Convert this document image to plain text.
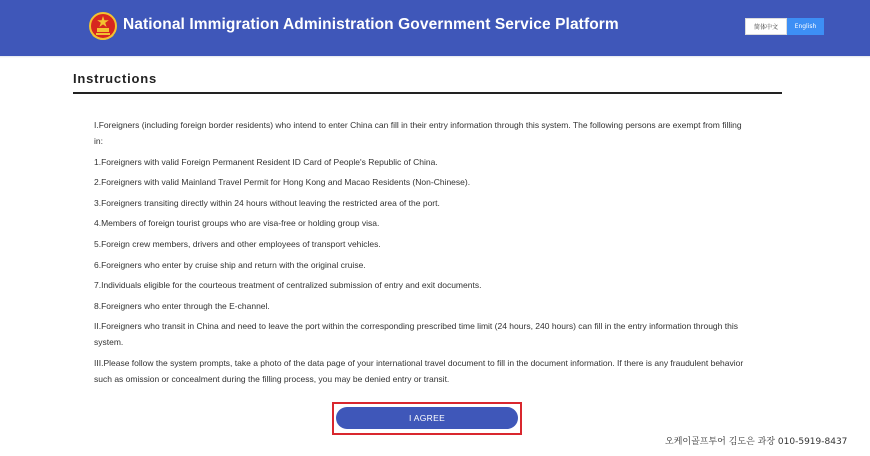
National Immigration Administration Government Service Platform	简体中文	English
Instructions

I.Foreigners (including foreign border residents) who intend to enter China can fill in their entry information through this system. The following persons are exempt from filling in:

1.Foreigners with valid Foreign Permanent Resident ID Card of People's Republic of China.

2.Foreigners with valid Mainland Travel Permit for Hong Kong and Macao Residents (Non-Chinese).

3.Foreigners transiting directly within 24 hours without leaving the restricted area of the port.

4.Members of foreign tourist groups who are visa-free or holding group visa.

5.Foreign crew members, drivers and other employees of transport vehicles.

6.Foreigners who enter by cruise ship and return with the original cruise.

7.Individuals eligible for the courteous treatment of centralized submission of entry and exit documents.

8.Foreigners who enter through the E-channel.

II.Foreigners who transit in China and need to leave the port within the corresponding prescribed time limit (24 hours, 240 hours) can fill in the entry information through this system.

III.Please follow the system prompts, take a photo of the data page of your international travel document to fill in the document information. If there is any fraudulent behavior such as omission or concealment during the filling process, you may be denied entry or transit.

I AGREE
오케이골프투어 김도은 과장 010-5919-8437
